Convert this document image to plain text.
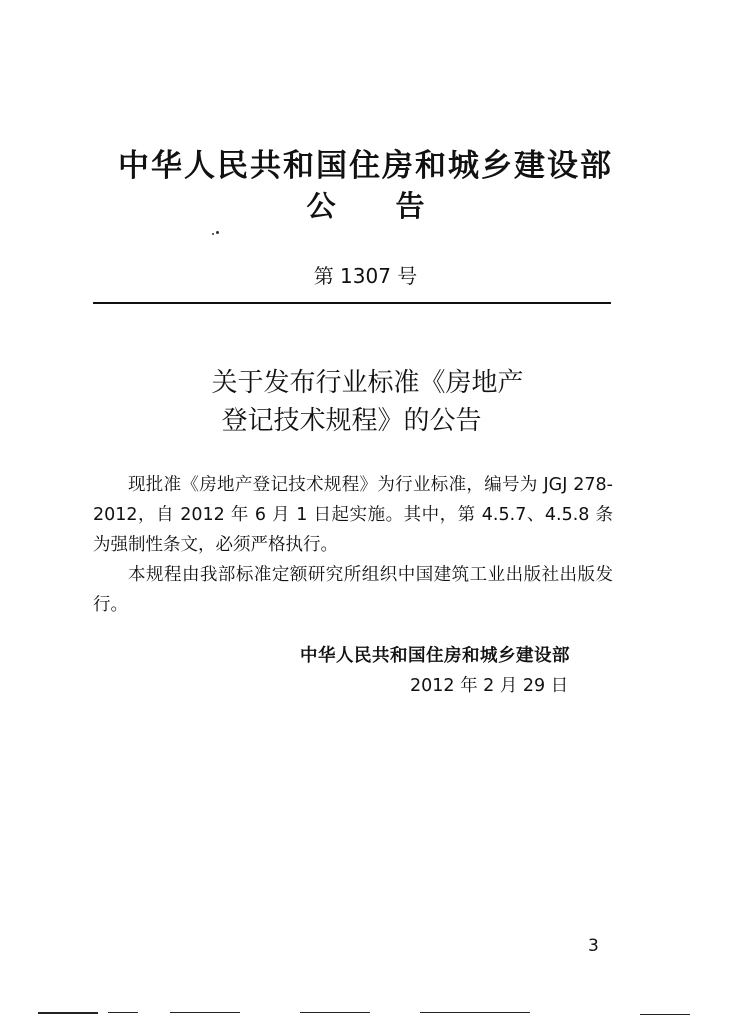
中华人民共和国住房和城乡建设部
公告
第 1307 号
关于发布行业标准《房地产
登记技术规程》的公告

现批准《房地产登记技术规程》为行业标准，编号为 JGJ 278-2012，自 2012 年 6 月 1 日起实施。其中，第 4.5.7、4.5.8 条为强制性条文，必须严格执行。

本规程由我部标准定额研究所组织中国建筑工业出版社出版发行。

中华人民共和国住房和城乡建设部
2012 年 2 月 29 日
3
